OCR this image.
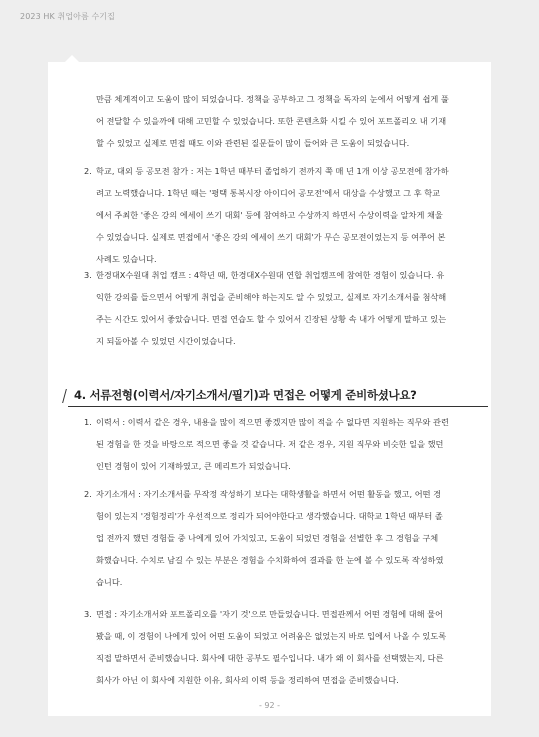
2023 HK 취업아름 수기집
만큼 체계적이고 도움이 많이 되었습니다. 정책을 공부하고 그 정책을 독자의 눈에서 어떻게 쉽게 풀
어 전달할 수 있을까에 대해 고민할 수 있었습니다. 또한 콘텐츠화 시킬 수 있어 포트폴리오 내 기재
할 수 있었고 실제로 면접 때도 이와 관련된 질문들이 많이 들어와 큰 도움이 되었습니다.
2. 학교, 대외 등 공모전 참가 : 저는 1학년 때부터 졸업하기 전까지 쭉 매 년 1개 이상 공모전에 참가하
려고 노력했습니다. 1학년 때는 '평택 통복시장 아이디어 공모전'에서 대상을 수상했고 그 후 학교
에서 주최한 '좋은 강의 에세이 쓰기 대회' 등에 참여하고 수상까지 하면서 수상이력을 알차게 채울
수 있었습니다. 실제로 면접에서 '좋은 강의 에세이 쓰기 대회'가 무슨 공모전이었는지 등 여쭈어 본
사례도 있습니다.
3. 한경대X수원대 취업 캠프 : 4학년 때, 한경대X수원대 연합 취업캠프에 참여한 경험이 있습니다. 유
익한 강의를 들으면서 어떻게 취업을 준비해야 하는지도 알 수 있었고, 실제로 자기소개서를 첨삭해
주는 시간도 있어서 좋았습니다. 면접 연습도 할 수 있어서 긴장된 상황 속 내가 어떻게 말하고 있는
지 되돌아볼 수 있었던 시간이었습니다.
4. 서류전형(이력서/자기소개서/필기)과 면접은 어떻게 준비하셨나요?
1. 이력서 : 이력서 같은 경우, 내용을 많이 적으면 좋겠지만 많이 적을 수 없다면 지원하는 직무와 관련
된 경험을 한 것을 바탕으로 적으면 좋을 것 같습니다. 저 같은 경우, 지원 직무와 비슷한 일을 했던
인턴 경험이 있어 기재하였고, 큰 메리트가 되었습니다.
2. 자기소개서 : 자기소개서를 무작정 작성하기 보다는 대학생활을 하면서 어떤 활동을 했고, 어떤 경
험이 있는지 '경험정리'가 우선적으로 정리가 되어야한다고 생각했습니다. 대학교 1학년 때부터 졸
업 전까지 했던 경험들 중 나에게 있어 가치있고, 도움이 되었던 경험을 선별한 후 그 경험을 구체
화했습니다. 수치로 남길 수 있는 부분은 경험을 수치화하여 결과를 한 눈에 볼 수 있도록 작성하였
습니다.
3. 면접 : 자기소개서와 포트폴리오를 '자기 것'으로 만들었습니다. 면접관께서 어떤 경험에 대해 물어
봤을 때, 이 경험이 나에게 있어 어떤 도움이 되었고 어려움은 없었는지 바로 입에서 나올 수 있도록
직접 말하면서 준비했습니다. 회사에 대한 공부도 필수입니다. 내가 왜 이 회사를 선택했는지, 다른
회사가 아닌 이 회사에 지원한 이유, 회사의 이력 등을 정리하여 면접을 준비했습니다.
- 92 -
